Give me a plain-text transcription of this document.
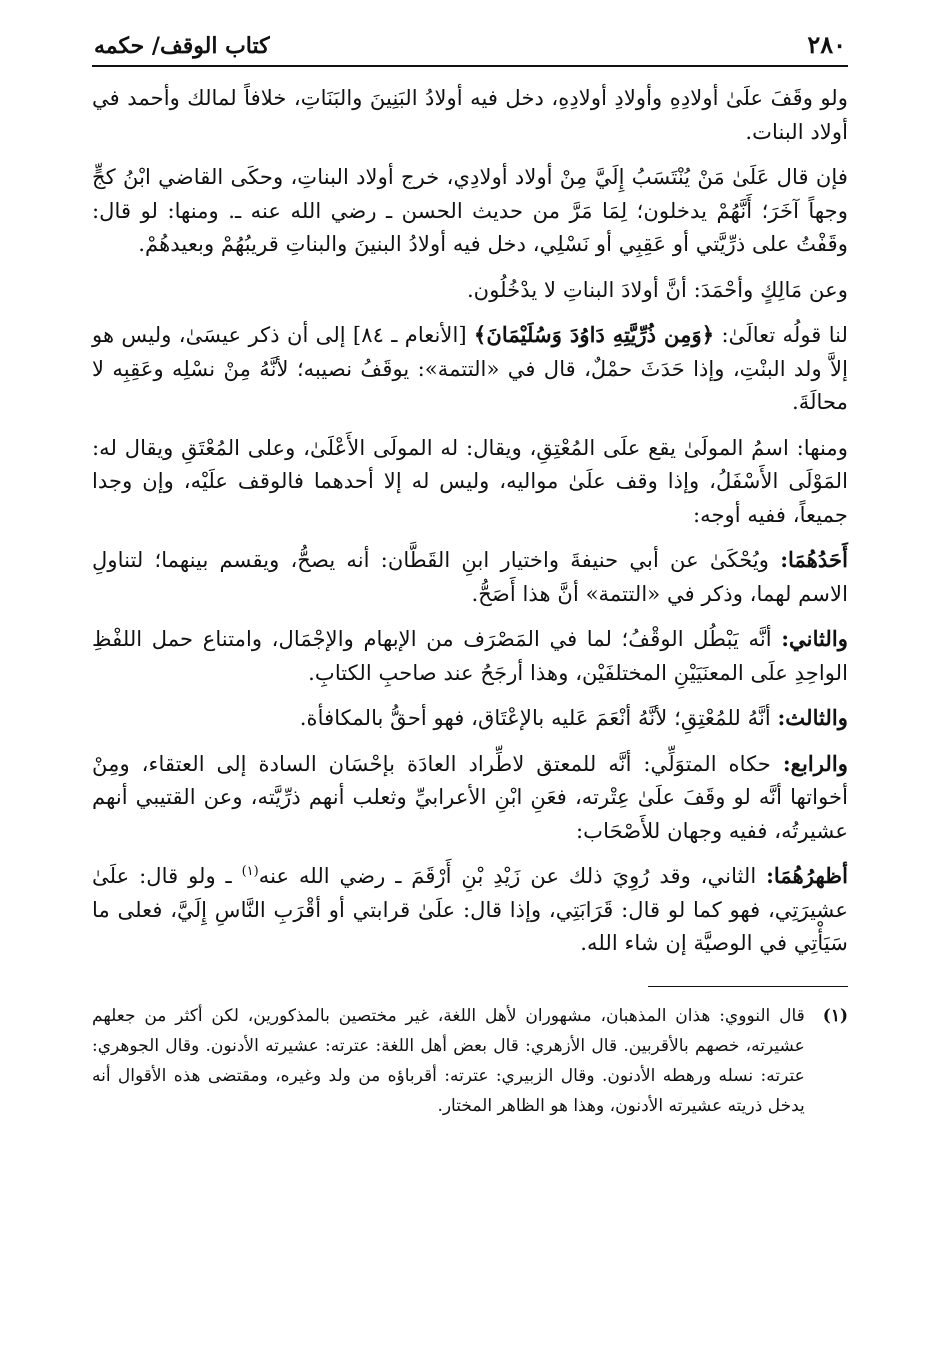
٢٨٠
كتاب الوقف/ حكمه

ولو وقَفَ علَىٰ أولادِهِ وأولادِ أولادِهِ، دخل فيه أولادُ البَنِينَ والبَنَاتِ، خلافاً لمالك وأحمد في أولاد البنات.

فإن قال عَلَىٰ مَنْ يُنْتَسَبُ إِلَيَّ مِنْ أولاد أولادِي، خرج أولاد البناتِ، وحكَى القاضي ابْنُ كجٍّ وجهاً آخَرَ؛ أَنَّهُمْ يدخلون؛ لِمَا مَرَّ من حديث الحسن ـ رضي الله عنه ـ. ومنها: لو قال: وقَفْتُ على ذرِّيَّتي أو عَقِبِي أو نَسْلِي، دخل فيه أولادُ البنينَ والبناتِ قريبُهُمْ وبعيدهُمْ.

وعن مَالِكٍ وأحْمَدَ: أنَّ أولادَ البناتِ لا يدْخُلُون.

لنا قولُه تعالَىٰ: ﴿وَمِن ذُرِّيَّتِهِ دَاوُدَ وَسُلَيْمَانَ﴾ [الأنعام ـ ٨٤] إلى أن ذكر عيسَىٰ، وليس هو إلاَّ ولد البنْتِ، وإذا حَدَثَ حمْلٌ، قال في «التتمة»: يوقَفُ نصيبه؛ لأنَّهُ مِنْ نسْلِه وعَقِبِه لا محالَةَ.

ومنها: اسمُ المولَىٰ يقع علَى المُعْتِقِ، ويقال: له المولَى الأَعْلَىٰ، وعلى المُعْتَقِ ويقال له: المَوْلَى الأَسْفَلُ، وإذا وقف علَىٰ مواليه، وليس له إلا أحدهما فالوقف علَيْه، وإن وجدا جميعاً، ففيه أوجه:

أَحَدُهُمَا: ويُحْكَىٰ عن أبي حنيفةَ واختيار ابنِ القَطَّان: أنه يصحُّ، ويقسم بينهما؛ لتناولِ الاسم لهما، وذكر في «التتمة» أنَّ هذا أَصَحُّ.

والثاني: أنَّه يَبْطُل الوقْفُ؛ لما في المَصْرَف من الإبهام والإجْمَال، وامتناع حمل اللفْظِ الواحِدِ علَى المعنَيَيْنِ المختلفَيْن، وهذا أرجَحُ عند صاحبِ الكتابِ.

والثالث: أنَّهُ للمُعْتِقِ؛ لأنَّهُ أنْعَمَ عَليه بالإعْتَاق، فهو أحقُّ بالمكافأة.

والرابع: حكاه المتوَلِّي: أنَّه للمعتق لاطِّراد العادَة بإحْسَان السادة إلى العتقاء، ومِنْ أخواتها أنَّه لو وقَفَ علَىٰ عِتْرته، فعَنِ ابْنِ الأعرابيِّ وثعلب أنهم ذرِّيَّته، وعن القتيبي أنهم عشيرتُه، ففيه وجهان للأَصْحَاب:

أظهرُهُمَا: الثاني، وقد رُوِيَ ذلك عن زَيْدِ بْنِ أَرْقَمَ ـ رضي الله عنه$^{(١)}$ ـ ولو قال: علَىٰ عشيرَتِي، فهو كما لو قال: قَرَابَتِي، وإذا قال: علَىٰ قرابتي أو أقْرَبِ النَّاسِ إِلَيَّ، فعلى ما سَيَأْتِي في الوصيَّة إن شاء الله.

(١)
قال النووي: هذان المذهبان، مشهوران لأهل اللغة، غير مختصين بالمذكورين، لكن أكثر من جعلهم عشيرته، خصهم بالأقربين. قال الأزهري: قال بعض أهل اللغة: عترته: عشيرته الأدنون. وقال الجوهري: عترته: نسله ورهطه الأدنون. وقال الزبيري: عترته: أقرباؤه من ولد وغيره، ومقتضى هذه الأقوال أنه يدخل ذريته عشيرته الأدنون، وهذا هو الظاهر المختار.
